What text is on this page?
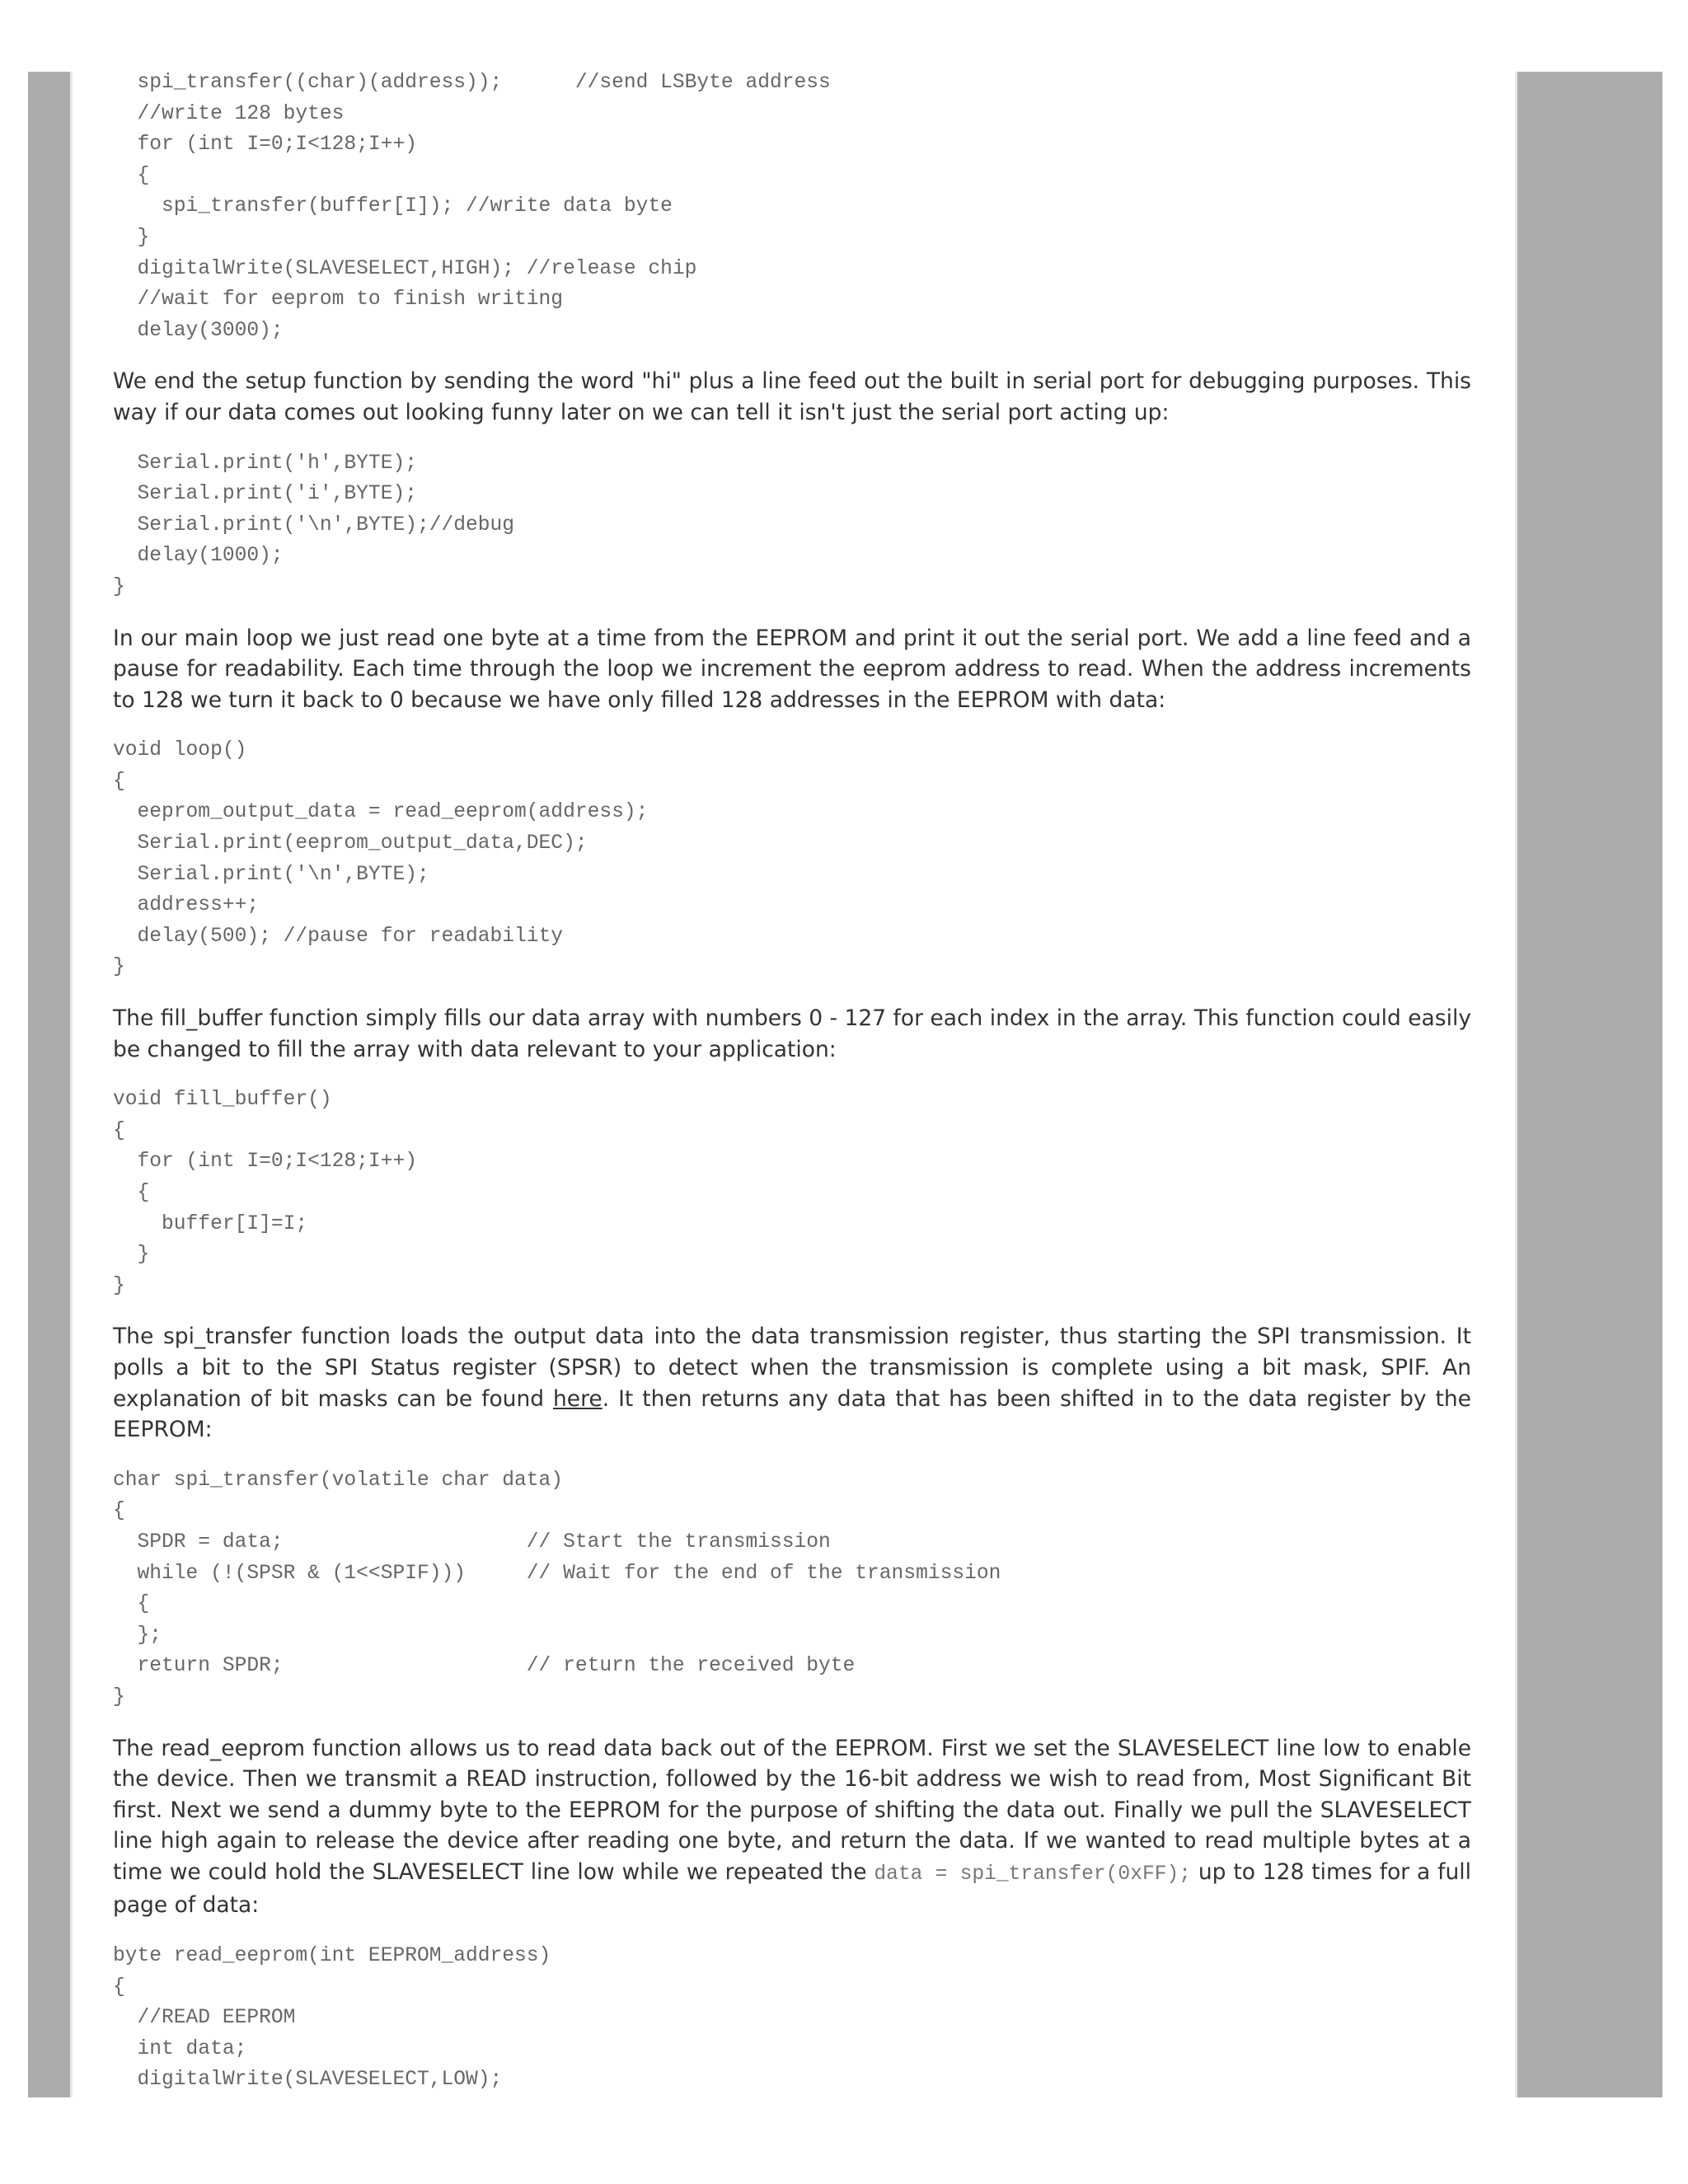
spi_transfer((char)(address));      //send LSByte address
//write 128 bytes
for (int I=0;I<128;I++)
{
spi_transfer(buffer[I]); //write data byte
}
digitalWrite(SLAVESELECT,HIGH); //release chip
//wait for eeprom to finish writing
delay(3000);

We end the setup function by sending the word "hi" plus a line feed out the built in serial port for debugging purposes. This way if our data comes out looking funny later on we can tell it isn't just the serial port acting up:

Serial.print('h',BYTE);
Serial.print('i',BYTE);
Serial.print('\n',BYTE);//debug
delay(1000);
}

In our main loop we just read one byte at a time from the EEPROM and print it out the serial port. We add a line feed and a pause for readability. Each time through the loop we increment the eeprom address to read. When the address increments to 128 we turn it back to 0 because we have only filled 128 addresses in the EEPROM with data:

void loop()
{
eeprom_output_data = read_eeprom(address);
Serial.print(eeprom_output_data,DEC);
Serial.print('\n',BYTE);
address++;
delay(500); //pause for readability
}

The fill_buffer function simply fills our data array with numbers 0 - 127 for each index in the array. This function could easily be changed to fill the array with data relevant to your application:

void fill_buffer()
{
for (int I=0;I<128;I++)
{
buffer[I]=I;
}
}

The spi_transfer function loads the output data into the data transmission register, thus starting the SPI transmission. It polls a bit to the SPI Status register (SPSR) to detect when the transmission is complete using a bit mask, SPIF. An explanation of bit masks can be found here. It then returns any data that has been shifted in to the data register by the EEPROM:

char spi_transfer(volatile char data)
{
SPDR = data;                    // Start the transmission
while (!(SPSR & (1<<SPIF)))     // Wait for the end of the transmission
{
};
return SPDR;                    // return the received byte
}

The read_eeprom function allows us to read data back out of the EEPROM. First we set the SLAVESELECT line low to enable the device. Then we transmit a READ instruction, followed by the 16-bit address we wish to read from, Most Significant Bit first. Next we send a dummy byte to the EEPROM for the purpose of shifting the data out. Finally we pull the SLAVESELECT line high again to release the device after reading one byte, and return the data. If we wanted to read multiple bytes at a time we could hold the SLAVESELECT line low while we repeated the data = spi_transfer(0xFF); up to 128 times for a full page of data:

byte read_eeprom(int EEPROM_address)
{
//READ EEPROM
int data;
digitalWrite(SLAVESELECT,LOW);
